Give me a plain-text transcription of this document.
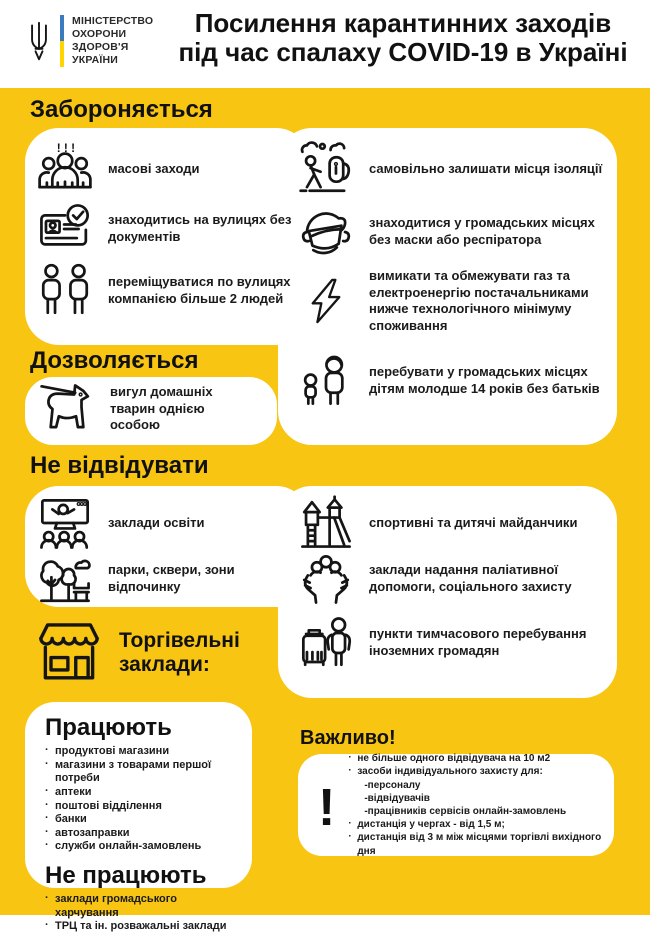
МІНІСТЕРСТВО
ОХОРОНИ
ЗДОРОВ'Я
УКРАЇНИ
Посилення карантинних заходів
під час спалаху COVID-19 в Україні
Забороняється
! ! !
масові заходи
знаходитись на вулицях без документів
переміщуватися по вулицях компанією більше 2 людей
самовільно залишати місця ізоляції
знаходитися у громадських місцях без маски або респіратора
вимикати та обмежувати газ та електроенергію постачальниками нижче технологічного мінімуму споживання
перебувати у громадських місцях дітям молодше 14 років без батьків
Дозволяється
вигул домашніх тварин однією особою
Не відвідувати
заклади освіти
парки, сквери, зони відпочинку
спортивні та дитячі майданчики
заклади надання паліативної допомоги, соціального захисту
пункти тимчасового перебування іноземних громадян
Торгівельні заклади:
Працюють
· продуктові магазини
· магазини з товарами першої потреби
· аптеки
· поштові відділення
· банки
· автозаправки
· служби онлайн-замовлень
Не працюють
· заклади громадського харчування
· ТРЦ та ін. розважальні заклади
Важливо!
!
· не більше одного відвідувача на 10 м2
· засоби індивідуального захисту для:
-персоналу
-відвідувачів
-працівників сервісів онлайн-замовлень
· дистанція у чергах - від 1,5 м;
· дистанція від 3 м між місцями торгівлі вихідного дня
